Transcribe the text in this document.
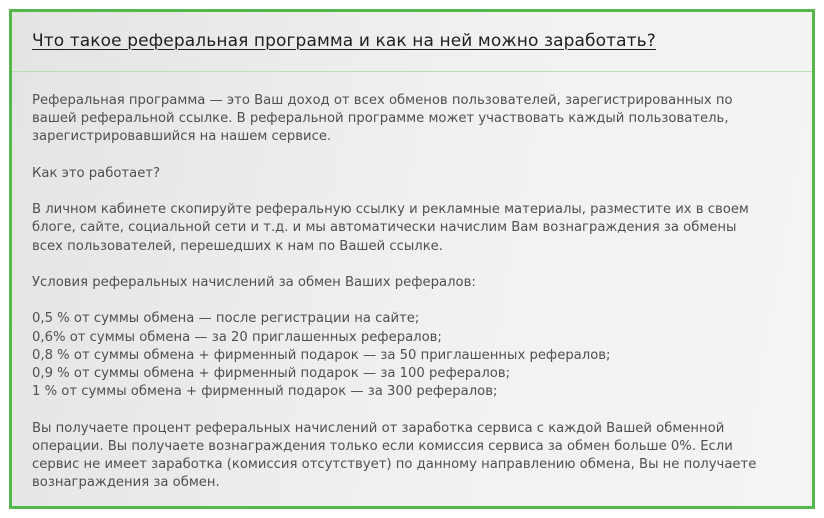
Что такое реферальная программа и как на ней можно заработать?

Реферальная программа — это Ваш доход от всех обменов пользователей, зарегистрированных по
вашей реферальной ссылке. В реферальной программе может участвовать каждый пользователь,
зарегистрировавшийся на нашем сервисе.

Как это работает?

В личном кабинете скопируйте реферальную ссылку и рекламные материалы, разместите их в своем
блоге, сайте, социальной сети и т.д. и мы автоматически начислим Вам вознаграждения за обмены
всех пользователей, перешедших к нам по Вашей ссылке.

Условия реферальных начислений за обмен Ваших рефералов:

0,5 % от суммы обмена — после регистрации на сайте;
0,6% от суммы обмена — за 20 приглашенных рефералов;
0,8 % от суммы обмена + фирменный подарок — за 50 приглашенных рефералов;
0,9 % от суммы обмена + фирменный подарок — за 100 рефералов;
1 % от суммы обмена + фирменный подарок — за 300 рефералов;

Вы получаете процент реферальных начислений от заработка сервиса с каждой Вашей обменной
операции. Вы получаете вознаграждения только если комиссия сервиса за обмен больше 0%. Если
сервис не имеет заработка (комиссия отсутствует) по данному направлению обмена, Вы не получаете
вознаграждения за обмен.
